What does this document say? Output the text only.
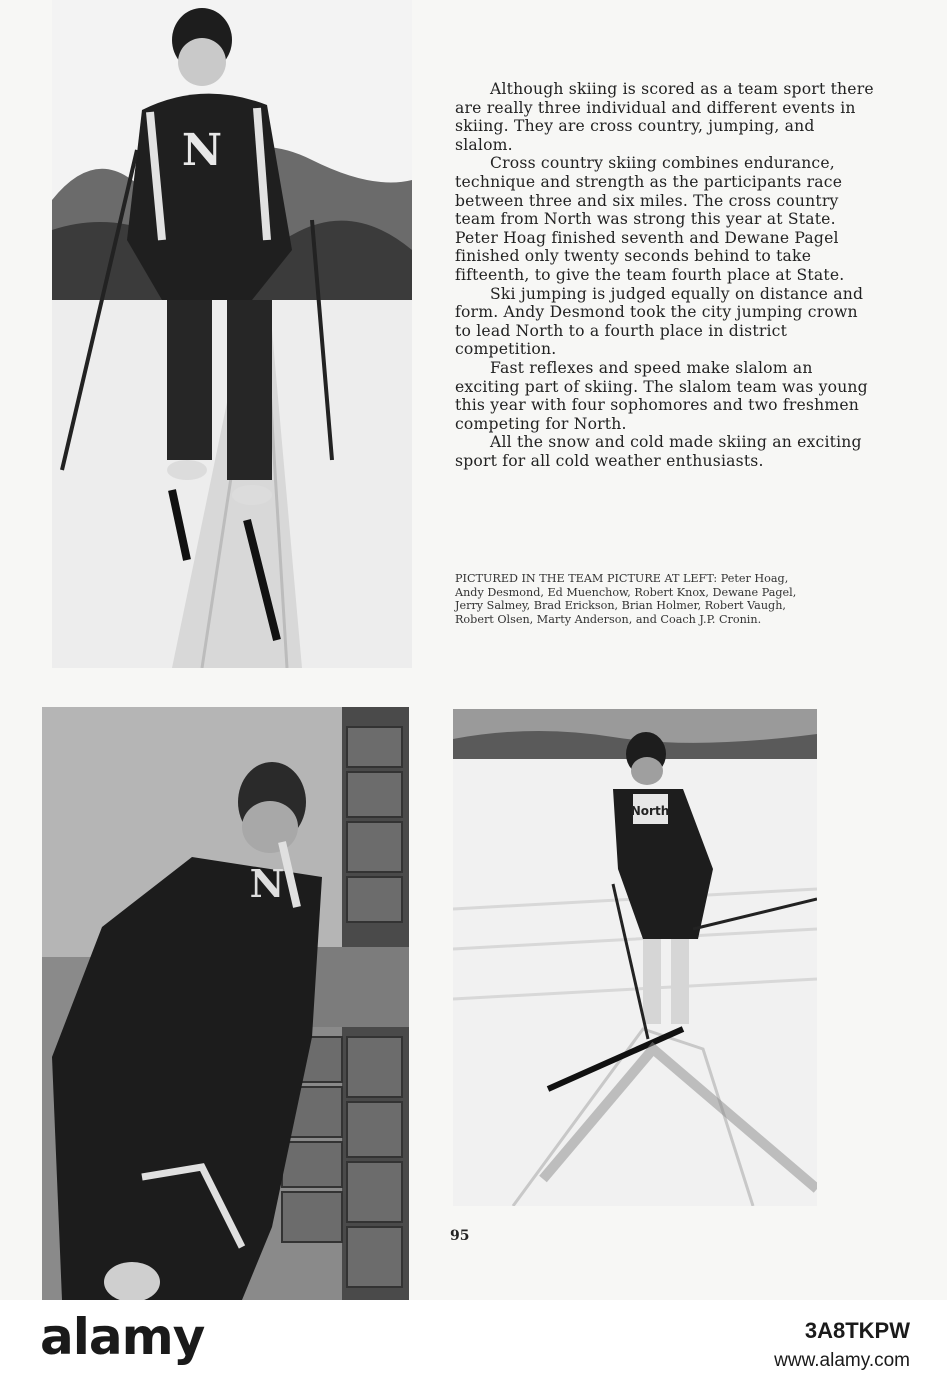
N

Although skiing is scored as a team sport there are really three individual and different events in skiing. They are cross country, jumping, and slalom.

Cross country skiing combines endurance, technique and strength as the participants race between three and six miles. The cross country team from North was strong this year at State. Peter Hoag finished seventh and Dewane Pagel finished only twenty seconds behind to take fifteenth, to give the team fourth place at State.

Ski jumping is judged equally on distance and form. Andy Desmond took the city jumping crown to lead North to a fourth place in district competition.

Fast reflexes and speed make slalom an exciting part of skiing. The slalom team was young this year with four sophomores and two freshmen competing for North.

All the snow and cold made skiing an exciting sport for all cold weather enthusiasts.

PICTURED IN THE TEAM PICTURE AT LEFT: Peter Hoag, Andy Desmond, Ed Muenchow, Robert Knox, Dewane Pagel, Jerry Salmey, Brad Erickson, Brian Holmer, Robert Vaugh, Robert Olsen, Marty Anderson, and Coach J.P. Cronin.
N
North
95
alamy	3A8TKPW
www.alamy.com
